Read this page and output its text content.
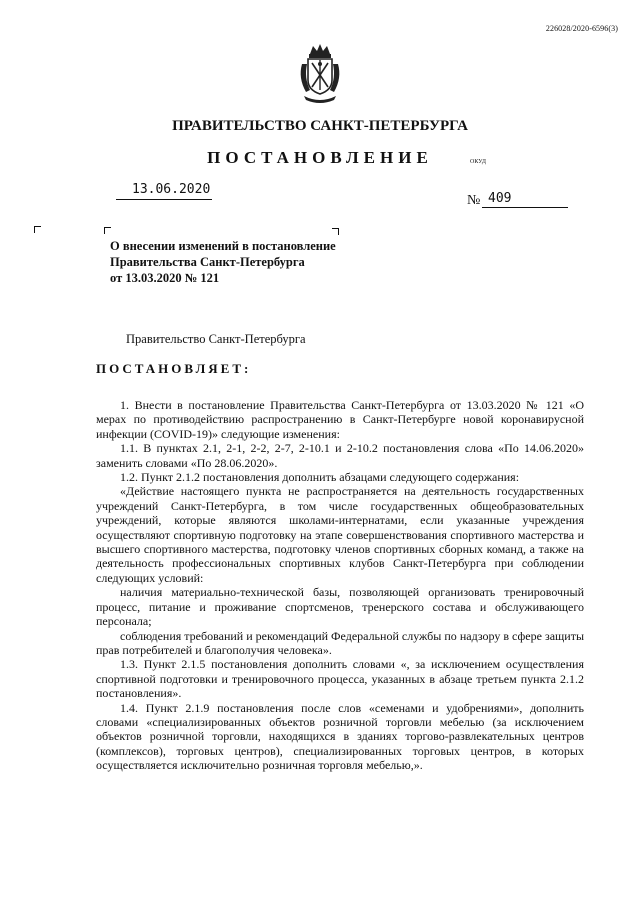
226028/2020-6596(3)
ПРАВИТЕЛЬСТВО САНКТ-ПЕТЕРБУРГА
ПОСТАНОВЛЕНИЕ	ОКУД
13.06.2020
№ 409
О внесении изменений в постановление
Правительства Санкт-Петербурга
от 13.03.2020 № 121
Правительство Санкт-Петербурга
ПОСТАНОВЛЯЕТ:

1. Внести в постановление Правительства Санкт-Петербурга от 13.03.2020 № 121 «О мерах по противодействию распространению в Санкт-Петербурге новой коронавирусной инфекции (COVID-19)» следующие изменения:

1.1. В пунктах 2.1, 2-1, 2-2, 2-7, 2-10.1 и 2-10.2 постановления слова «По 14.06.2020» заменить словами «По 28.06.2020».

1.2. Пункт 2.1.2 постановления дополнить абзацами следующего содержания:

«Действие настоящего пункта не распространяется на деятельность государственных учреждений Санкт-Петербурга, в том числе государственных общеобразовательных учреждений, которые являются школами-интернатами, если указанные учреждения осуществляют спортивную подготовку на этапе совершенствования спортивного мастерства и высшего спортивного мастерства, подготовку членов спортивных сборных команд, а также на деятельность профессиональных спортивных клубов Санкт-Петербурга при соблюдении следующих условий:

наличия материально-технической базы, позволяющей организовать тренировочный процесс, питание и проживание спортсменов, тренерского состава и обслуживающего персонала;

соблюдения требований и рекомендаций Федеральной службы по надзору в сфере защиты прав потребителей и благополучия человека».

1.3. Пункт 2.1.5 постановления дополнить словами «, за исключением осуществления спортивной подготовки и тренировочного процесса, указанных в абзаце третьем пункта 2.1.2 постановления».

1.4. Пункт 2.1.9 постановления после слов «семенами и удобрениями», дополнить словами «специализированных объектов розничной торговли мебелью (за исключением объектов розничной торговли, находящихся в зданиях торгово-развлекательных центров (комплексов), торговых центров), специализированных торговых центров, в которых осуществляется исключительно розничная торговля мебелью,».
